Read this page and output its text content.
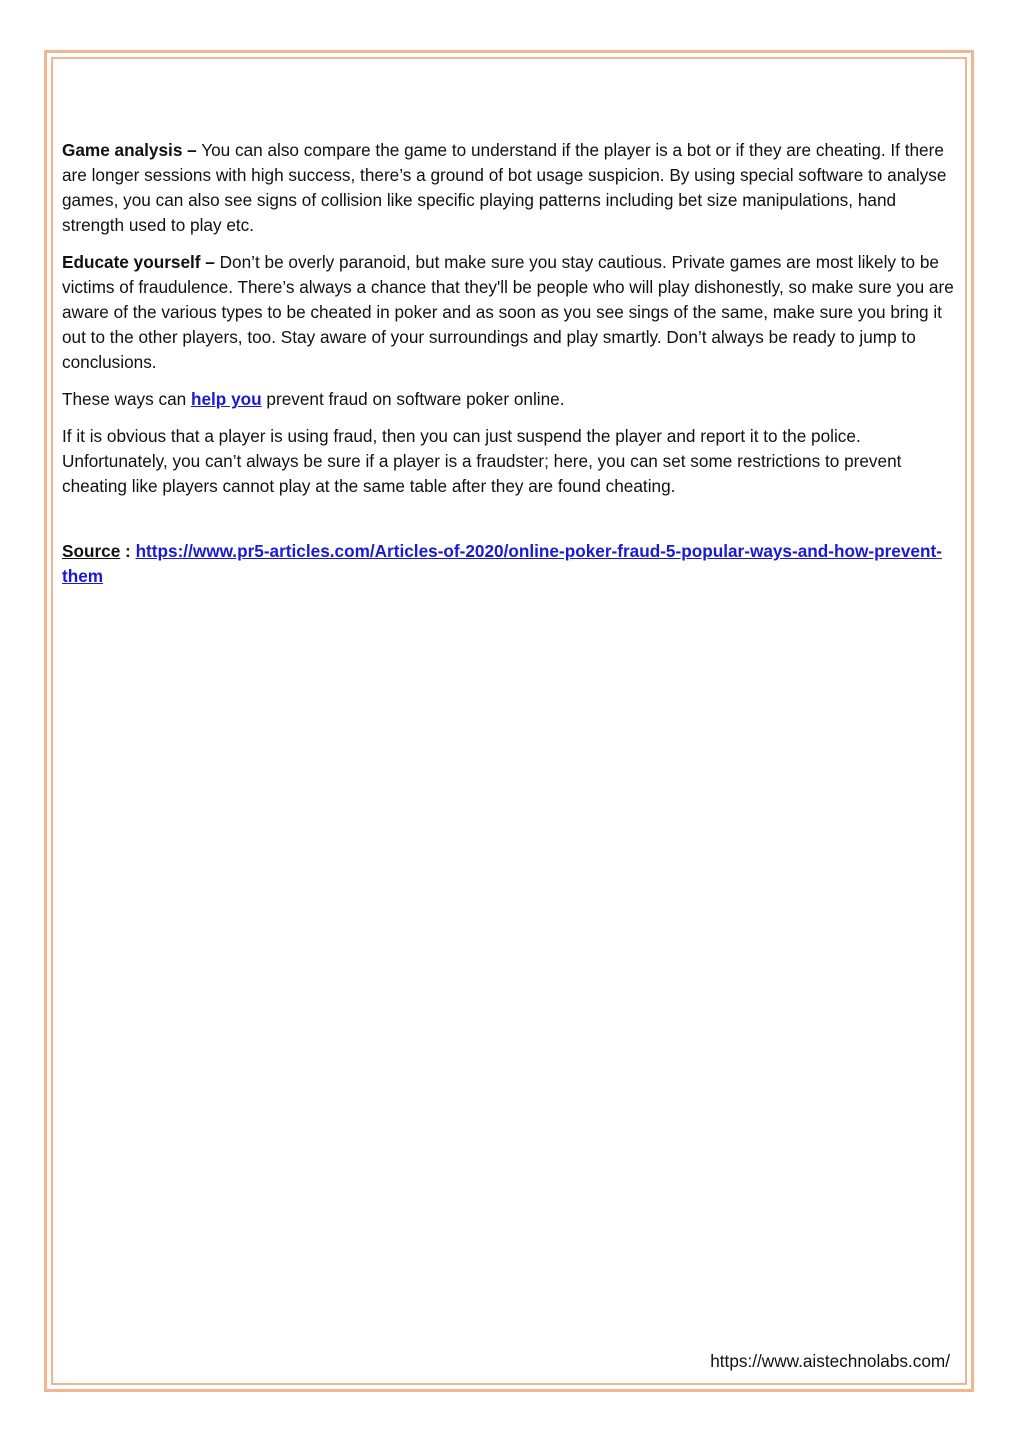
Game analysis – You can also compare the game to understand if the player is a bot or if they are cheating. If there are longer sessions with high success, there’s a ground of bot usage suspicion. By using special software to analyse games, you can also see signs of collision like specific playing patterns including bet size manipulations, hand strength used to play etc.

Educate yourself – Don’t be overly paranoid, but make sure you stay cautious. Private games are most likely to be victims of fraudulence. There’s always a chance that they'll be people who will play dishonestly, so make sure you are aware of the various types to be cheated in poker and as soon as you see sings of the same, make sure you bring it out to the other players, too. Stay aware of your surroundings and play smartly. Don’t always be ready to jump to conclusions.

These ways can help you prevent fraud on software poker online.

If it is obvious that a player is using fraud, then you can just suspend the player and report it to the police. Unfortunately, you can’t always be sure if a player is a fraudster; here, you can set some restrictions to prevent cheating like players cannot play at the same table after they are found cheating.

Source : https://www.pr5-articles.com/Articles-of-2020/online-poker-fraud-5-popular-ways-and-how-prevent-them

https://www.aistechnolabs.com/
